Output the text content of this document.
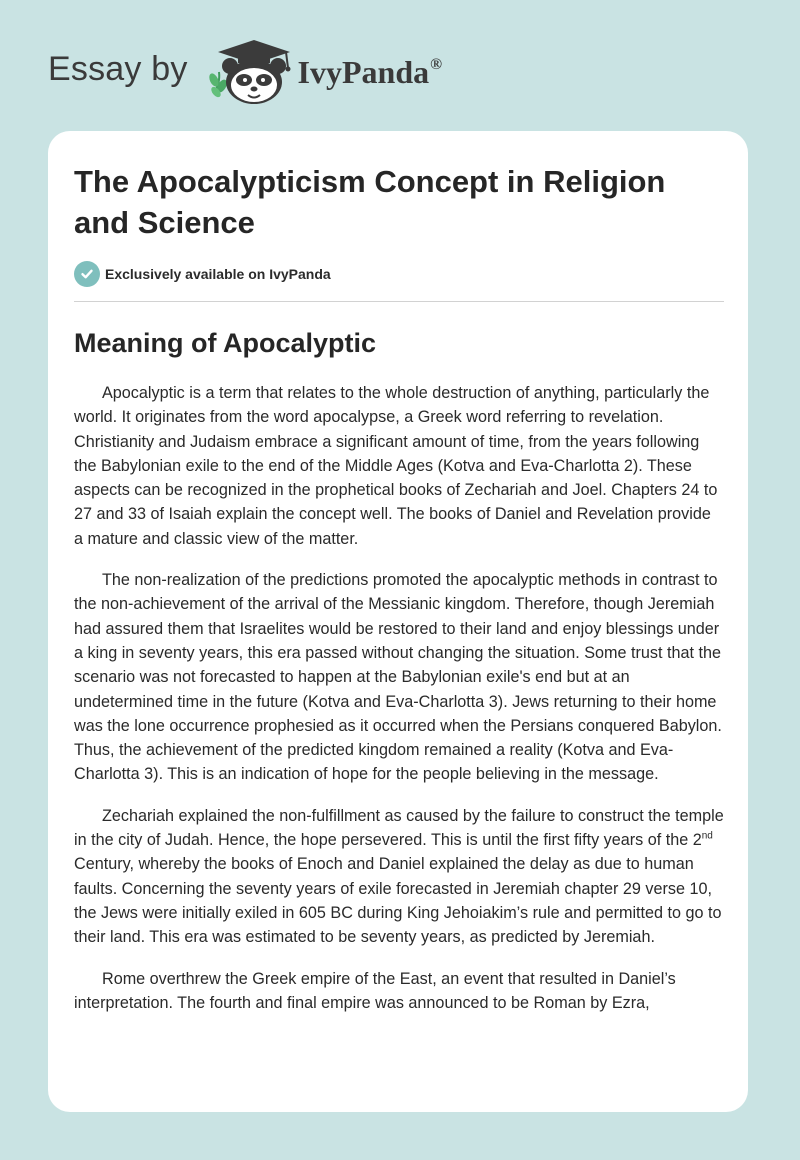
Essay by	IvyPanda®
The Apocalypticism Concept in Religion and Science
Exclusively available on IvyPanda
Meaning of Apocalyptic

Apocalyptic is a term that relates to the whole destruction of anything, particularly the world. It originates from the word apocalypse, a Greek word referring to revelation. Christianity and Judaism embrace a significant amount of time, from the years following the Babylonian exile to the end of the Middle Ages (Kotva and Eva-Charlotta 2). These aspects can be recognized in the prophetical books of Zechariah and Joel. Chapters 24 to 27 and 33 of Isaiah explain the concept well. The books of Daniel and Revelation provide a mature and classic view of the matter.

The non-realization of the predictions promoted the apocalyptic methods in contrast to the non-achievement of the arrival of the Messianic kingdom. Therefore, though Jeremiah had assured them that Israelites would be restored to their land and enjoy blessings under a king in seventy years, this era passed without changing the situation. Some trust that the scenario was not forecasted to happen at the Babylonian exile's end but at an undetermined time in the future (Kotva and Eva-Charlotta 3). Jews returning to their home was the lone occurrence prophesied as it occurred when the Persians conquered Babylon. Thus, the achievement of the predicted kingdom remained a reality (Kotva and Eva-Charlotta 3). This is an indication of hope for the people believing in the message.

Zechariah explained the non-fulfillment as caused by the failure to construct the temple in the city of Judah. Hence, the hope persevered. This is until the first fifty years of the 2nd Century, whereby the books of Enoch and Daniel explained the delay as due to human faults. Concerning the seventy years of exile forecasted in Jeremiah chapter 29 verse 10, the Jews were initially exiled in 605 BC during King Jehoiakim’s rule and permitted to go to their land. This era was estimated to be seventy years, as predicted by Jeremiah.

Rome overthrew the Greek empire of the East, an event that resulted in Daniel’s interpretation. The fourth and final empire was announced to be Roman by Ezra,
